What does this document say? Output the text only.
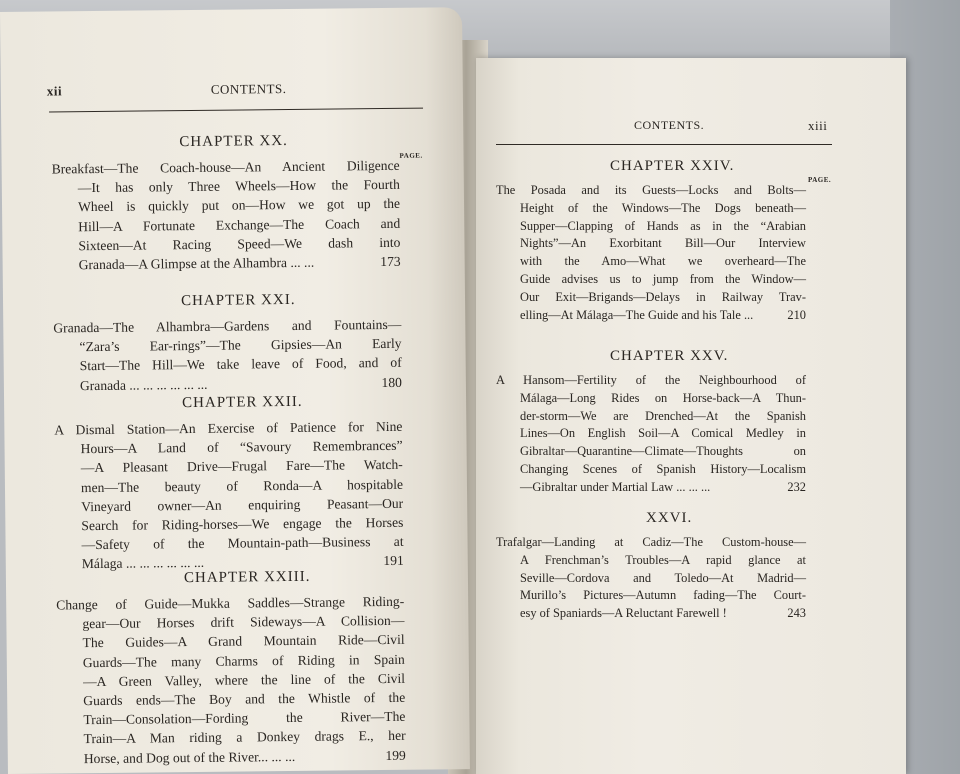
xii	CONTENTS.
PAGE.
CHAPTER XX.
Breakfast—The Coach-house—An Ancient Diligence
—It has only Three Wheels—How the Fourth
Wheel is quickly put on—How we got up the
Hill—A Fortunate Exchange—The Coach and
Sixteen—At Racing Speed—We dash into
Granada—A Glimpse at the Alhambra ... ...	173
CHAPTER XXI.
Granada—The Alhambra—Gardens and Fountains—
“Zara’s Ear-rings”—The Gipsies—An Early
Start—The Hill—We take leave of Food, and of
Granada ... ... ... ... ... ...	180
CHAPTER XXII.
A Dismal Station—An Exercise of Patience for Nine
Hours—A Land of “Savoury Remembrances”
—A Pleasant Drive—Frugal Fare—The Watch-
men—The beauty of Ronda—A hospitable
Vineyard owner—An enquiring Peasant—Our
Search for Riding-horses—We engage the Horses
—Safety of the Mountain-path—Business at
Málaga ... ... ... ... ... ...	191
CHAPTER XXIII.
Change of Guide—Mukka Saddles—Strange Riding-
gear—Our Horses drift Sideways—A Collision—
The Guides—A Grand Mountain Ride—Civil
Guards—The many Charms of Riding in Spain
—A Green Valley, where the line of the Civil
Guards ends—The Boy and the Whistle of the
Train—Consolation—Fording the River—The
Train—A Man riding a Donkey drags E., her
Horse, and Dog out of the River... ... ...	199
CONTENTS.	xiii
PAGE.
CHAPTER XXIV.
The Posada and its Guests—Locks and Bolts—
Height of the Windows—The Dogs beneath—
Supper—Clapping of Hands as in the “Arabian
Nights”—An Exorbitant Bill—Our Interview
with the Amo—What we overheard—The
Guide advises us to jump from the Window—
Our Exit—Brigands—Delays in Railway Trav-
elling—At Málaga—The Guide and his Tale ...	210
CHAPTER XXV.
A Hansom—Fertility of the Neighbourhood of
Málaga—Long Rides on Horse-back—A Thun-
der-storm—We are Drenched—At the Spanish
Lines—On English Soil—A Comical Medley in
Gibraltar—Quarantine—Climate—Thoughts on
Changing Scenes of Spanish History—Localism
—Gibraltar under Martial Law ... ... ...	232
XXVI.
Trafalgar—Landing at Cadiz—The Custom-house—
A Frenchman’s Troubles—A rapid glance at
Seville—Cordova and Toledo—At Madrid—
Murillo’s Pictures—Autumn fading—The Court-
esy of Spaniards—A Reluctant Farewell !	243
